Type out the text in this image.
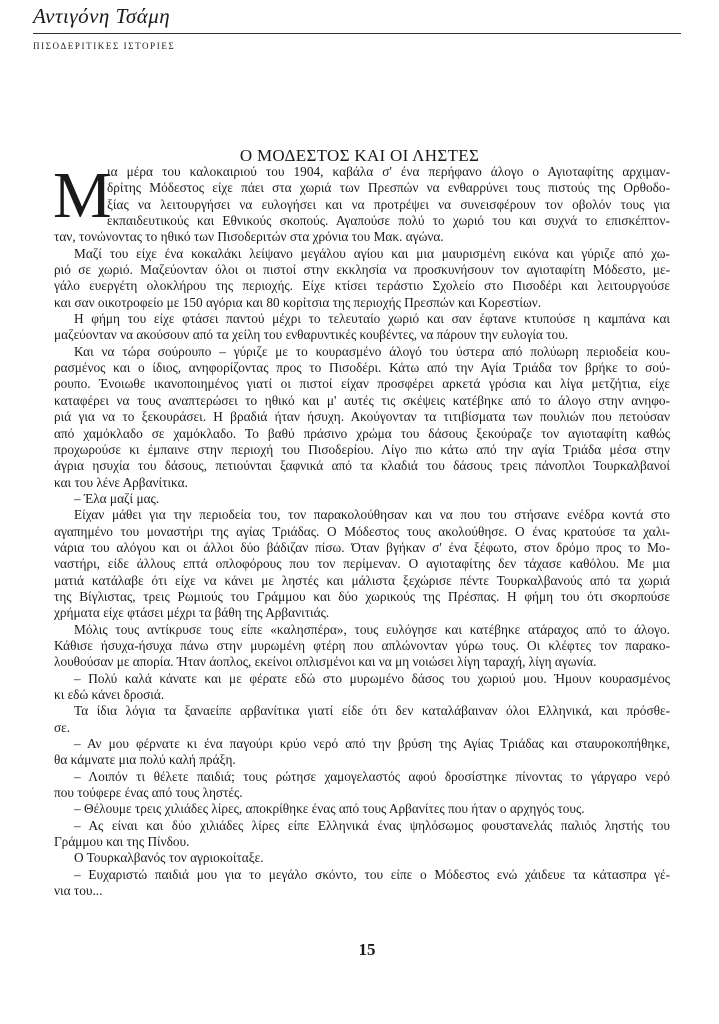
Αντιγόνη Τσάμη
ΠΙΣΟΔΕΡΙΤΙΚΕΣ ΙΣΤΟΡΙΕΣ
Ο ΜΟΔΕΣΤΟΣ ΚΑΙ ΟΙ ΛΗΣΤΕΣ
Μ
ια μέρα του καλοκαιριού του 1904, καβάλα σ' ένα περήφανο άλογο ο Αγιοταφίτης αρχιμαν-
δρίτης Μόδεστος είχε πάει στα χωριά των Πρεσπών να ενθαρρύνει τους πιστούς της Ορθοδο-
ξίας να λειτουργήσει να ευλογήσει και να προτρέψει να συνεισφέρουν τον οβολόν τους για
εκπαιδευτικούς και Εθνικούς σκοπούς. Αγαπούσε πολύ το χωριό του και συχνά το επισκέπτον-
ταν, τονώνοντας το ηθικό των Πισοδεριτών στα χρόνια του Μακ. αγώνα.
Μαζί του είχε ένα κοκαλάκι λείψανο μεγάλου αγίου και μια μαυρισμένη εικόνα και γύριζε από χω-
ριό σε χωριό. Μαζεύονταν όλοι οι πιστοί στην εκκλησία να προσκυνήσουν τον αγιοταφίτη Μόδεστο, με-
γάλο ευεργέτη ολοκλήρου της περιοχής. Είχε κτίσει τεράστιο Σχολείο στο Πισοδέρι και λειτουργούσε
και σαν οικοτροφείο με 150 αγόρια και 80 κορίτσια της περιοχής Πρεσπών και Κορεστίων.
Η φήμη του είχε φτάσει παντού μέχρι το τελευταίο χωριό και σαν έφτανε κτυπούσε η καμπάνα και
μαζεύονταν να ακούσουν από τα χείλη του ενθαρυντικές κουβέντες, να πάρουν την ευλογία του.
Και να τώρα σούρουπο – γύριζε με το κουρασμένο άλογό του ύστερα από πολύωρη περιοδεία κου-
ρασμένος και ο ίδιος, ανηφορίζοντας προς το Πισοδέρι. Κάτω από την Αγία Τριάδα τον βρήκε το σού-
ρουπο. Ένοιωθε ικανοποιημένος γιατί οι πιστοί είχαν προσφέρει αρκετά γρόσια και λίγα μετζήτια, είχε
καταφέρει να τους αναπτερώσει το ηθικό και μ' αυτές τις σκέψεις κατέβηκε από το άλογο στην ανηφο-
ριά για να το ξεκουράσει. Η βραδιά ήταν ήσυχη. Ακούγονταν τα τιτιβίσματα των πουλιών που πετούσαν
από χαμόκλαδο σε χαμόκλαδο. Το βαθύ πράσινο χρώμα του δάσους ξεκούραζε τον αγιοταφίτη καθώς
προχωρούσε κι έμπαινε στην περιοχή του Πισοδερίου. Λίγο πιο κάτω από την αγία Τριάδα μέσα στην
άγρια ησυχία του δάσους, πετιούνται ξαφνικά από τα κλαδιά του δάσους τρεις πάνοπλοι Τουρκαλβανοί
και του λένε Αρβανίτικα.
– Έλα μαζί μας.
Είχαν μάθει για την περιοδεία του, τον παρακολούθησαν και να που του στήσανε ενέδρα κοντά στο
αγαπημένο του μοναστήρι της αγίας Τριάδας. Ο Μόδεστος τους ακολούθησε. Ο ένας κρατούσε τα χαλι-
νάρια του αλόγου και οι άλλοι δύο βάδιζαν πίσω. Όταν βγήκαν σ' ένα ξέφωτο, στον δρόμο προς το Μο-
ναστήρι, είδε άλλους επτά οπλοφόρους που τον περίμεναν. Ο αγιοταφίτης δεν τάχασε καθόλου. Με μια
ματιά κατάλαβε ότι είχε να κάνει με ληστές και μάλιστα ξεχώρισε πέντε Τουρκαλβανούς από τα χωριά
της Βίγλιστας, τρεις Ρωμιούς του Γράμμου και δύο χωρικούς της Πρέσπας. Η φήμη του ότι σκορπούσε
χρήματα είχε φτάσει μέχρι τα βάθη της Αρβανιτιάς.
Μόλις τους αντίκρυσε τους είπε «καλησπέρα», τους ευλόγησε και κατέβηκε ατάραχος από το άλογο.
Κάθισε ήσυχα-ήσυχα πάνω στην μυρωμένη φτέρη που απλώνονταν γύρω τους. Οι κλέφτες τον παρακο-
λουθούσαν με απορία. Ήταν άοπλος, εκείνοι οπλισμένοι και να μη νοιώσει λίγη ταραχή, λίγη αγωνία.
– Πολύ καλά κάνατε και με φέρατε εδώ στο μυρωμένο δάσος του χωριού μου. Ήμουν κουρασμένος
κι εδώ κάνει δροσιά.
Τα ίδια λόγια τα ξαναείπε αρβανίτικα γιατί είδε ότι δεν καταλάβαιναν όλοι Ελληνικά, και πρόσθε-
σε.
– Αν μου φέρνατε κι ένα παγούρι κρύο νερό από την βρύση της Αγίας Τριάδας και σταυροκοπήθηκε,
θα κάμνατε μια πολύ καλή πράξη.
– Λοιπόν τι θέλετε παιδιά; τους ρώτησε χαμογελαστός αφού δροσίστηκε πίνοντας το γάργαρο νερό
που τούφερε ένας από τους ληστές.
– Θέλουμε τρεις χιλιάδες λίρες, αποκρίθηκε ένας από τους Αρβανίτες που ήταν ο αρχηγός τους.
– Ας είναι και δύο χιλιάδες λίρες είπε Ελληνικά ένας ψηλόσωμος φουστανελάς παλιός ληστής του
Γράμμου και της Πίνδου.
Ο Τουρκαλβανός τον αγριοκοίταξε.
– Ευχαριστώ παιδιά μου για το μεγάλο σκόντο, του είπε ο Μόδεστος ενώ χάιδευε τα κάτασπρα γέ-
νια του...
15
